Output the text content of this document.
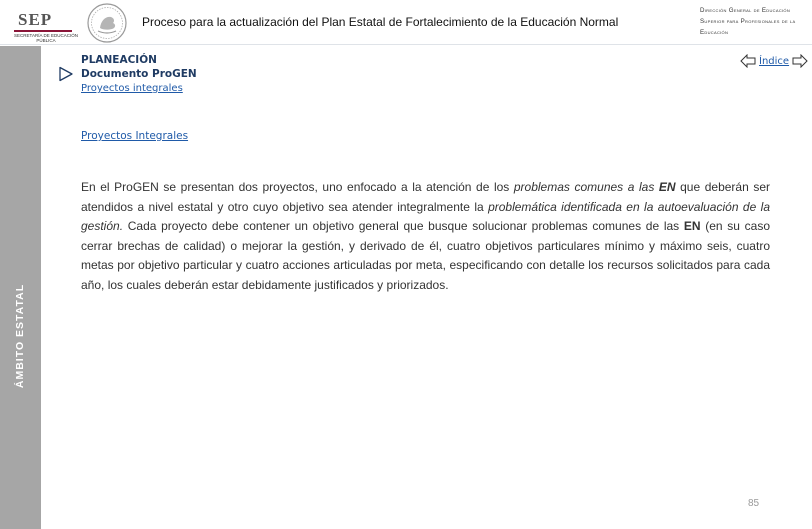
SEP
SECRETARÍA DE EDUCACIÓN PÚBLICA
Proceso para la actualización del Plan Estatal de Fortalecimiento de la Educación Normal
Dirección General de Educación Superior para Profesionales de la Educación
ÁMBITO ESTATAL
PLANEACIÓN
Documento ProGEN
Proyectos integrales
Índice
Proyectos Integrales

En el ProGEN se presentan dos proyectos, uno enfocado a la atención de los problemas comunes a las EN que deberán ser atendidos a nivel estatal y otro cuyo objetivo sea atender integralmente la problemática identificada en la autoevaluación de la gestión. Cada proyecto debe contener un objetivo general que busque solucionar problemas comunes de las EN (en su caso cerrar brechas de calidad) o mejorar la gestión, y derivado de él, cuatro objetivos particulares mínimo y máximo seis, cuatro metas por objetivo particular y cuatro acciones articuladas por meta, especificando con detalle los recursos solicitados para cada año, los cuales deberán estar debidamente justificados y priorizados.

85
